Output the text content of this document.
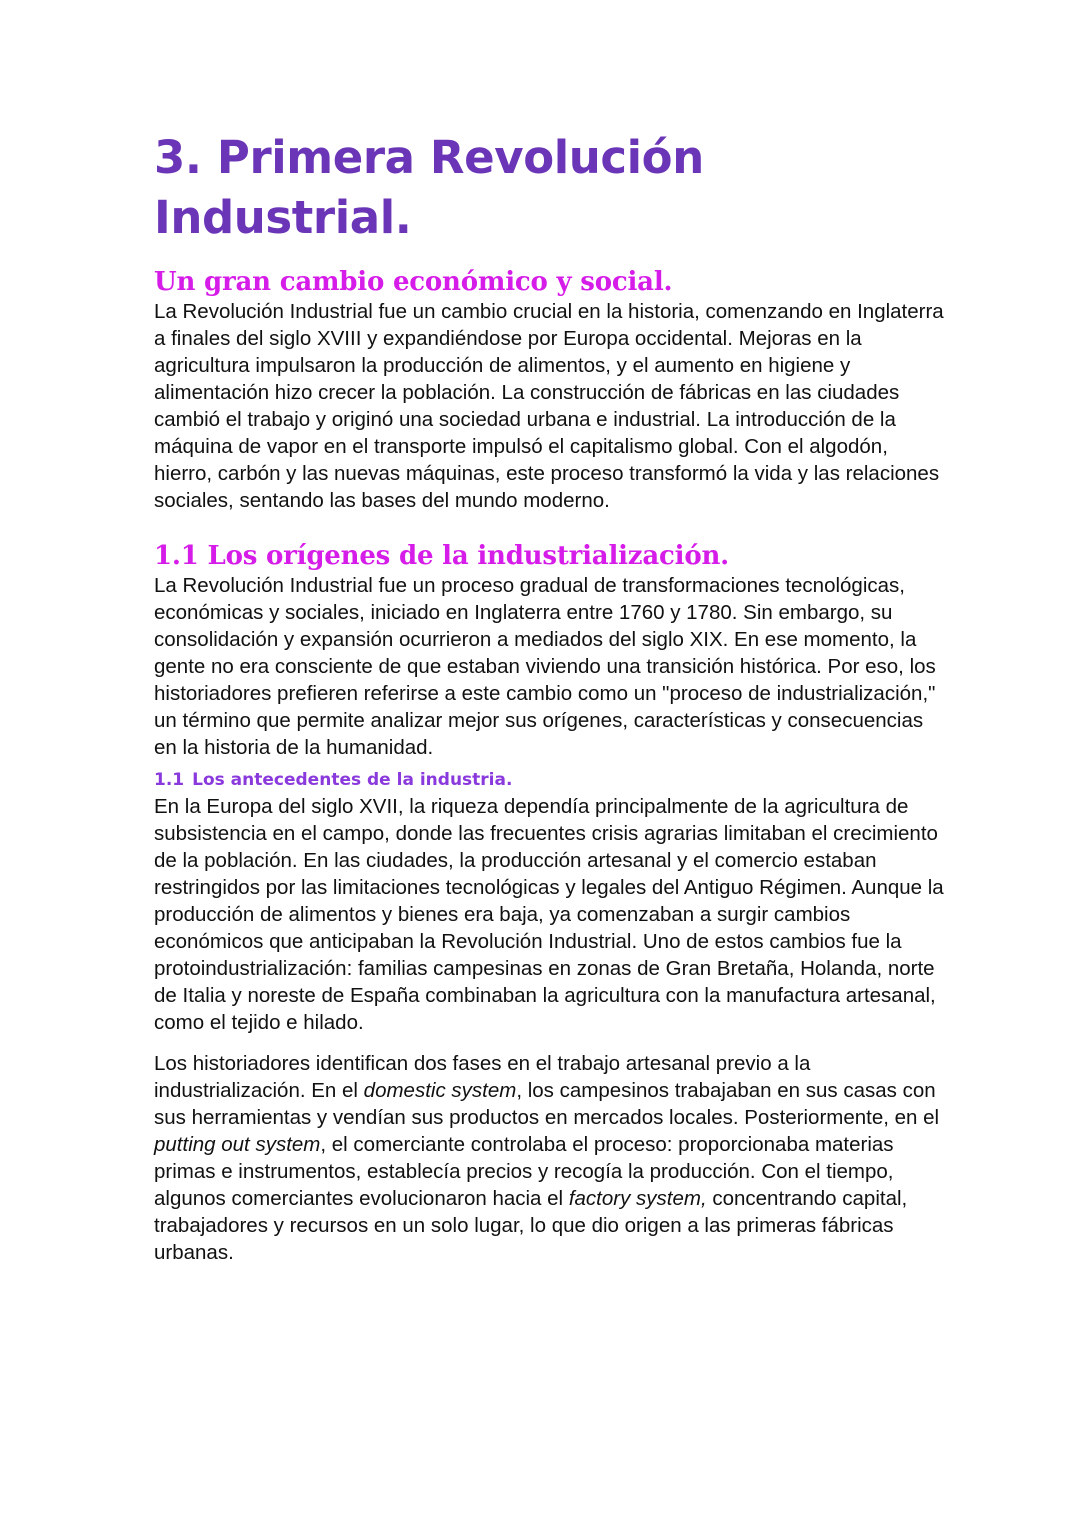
3. Primera Revolución Industrial.
Un gran cambio económico y social.

La Revolución Industrial fue un cambio crucial en la historia, comenzando en Inglaterra a finales del siglo XVIII y expandiéndose por Europa occidental. Mejoras en la agricultura impulsaron la producción de alimentos, y el aumento en higiene y alimentación hizo crecer la población. La construcción de fábricas en las ciudades cambió el trabajo y originó una sociedad urbana e industrial. La introducción de la máquina de vapor en el transporte impulsó el capitalismo global. Con el algodón, hierro, carbón y las nuevas máquinas, este proceso transformó la vida y las relaciones sociales, sentando las bases del mundo moderno.

1.1 Los orígenes de la industrialización.

La Revolución Industrial fue un proceso gradual de transformaciones tecnológicas, económicas y sociales, iniciado en Inglaterra entre 1760 y 1780. Sin embargo, su consolidación y expansión ocurrieron a mediados del siglo XIX. En ese momento, la gente no era consciente de que estaban viviendo una transición histórica. Por eso, los historiadores prefieren referirse a este cambio como un "proceso de industrialización," un término que permite analizar mejor sus orígenes, características y consecuencias en la historia de la humanidad.

1.1 Los antecedentes de la industria.

En la Europa del siglo XVII, la riqueza dependía principalmente de la agricultura de subsistencia en el campo, donde las frecuentes crisis agrarias limitaban el crecimiento de la población. En las ciudades, la producción artesanal y el comercio estaban restringidos por las limitaciones tecnológicas y legales del Antiguo Régimen. Aunque la producción de alimentos y bienes era baja, ya comenzaban a surgir cambios económicos que anticipaban la Revolución Industrial. Uno de estos cambios fue la protoindustrialización: familias campesinas en zonas de Gran Bretaña, Holanda, norte de Italia y noreste de España combinaban la agricultura con la manufactura artesanal, como el tejido e hilado.

Los historiadores identifican dos fases en el trabajo artesanal previo a la industrialización. En el domestic system, los campesinos trabajaban en sus casas con sus herramientas y vendían sus productos en mercados locales. Posteriormente, en el putting out system, el comerciante controlaba el proceso: proporcionaba materias primas e instrumentos, establecía precios y recogía la producción. Con el tiempo, algunos comerciantes evolucionaron hacia el factory system, concentrando capital, trabajadores y recursos en un solo lugar, lo que dio origen a las primeras fábricas urbanas.
